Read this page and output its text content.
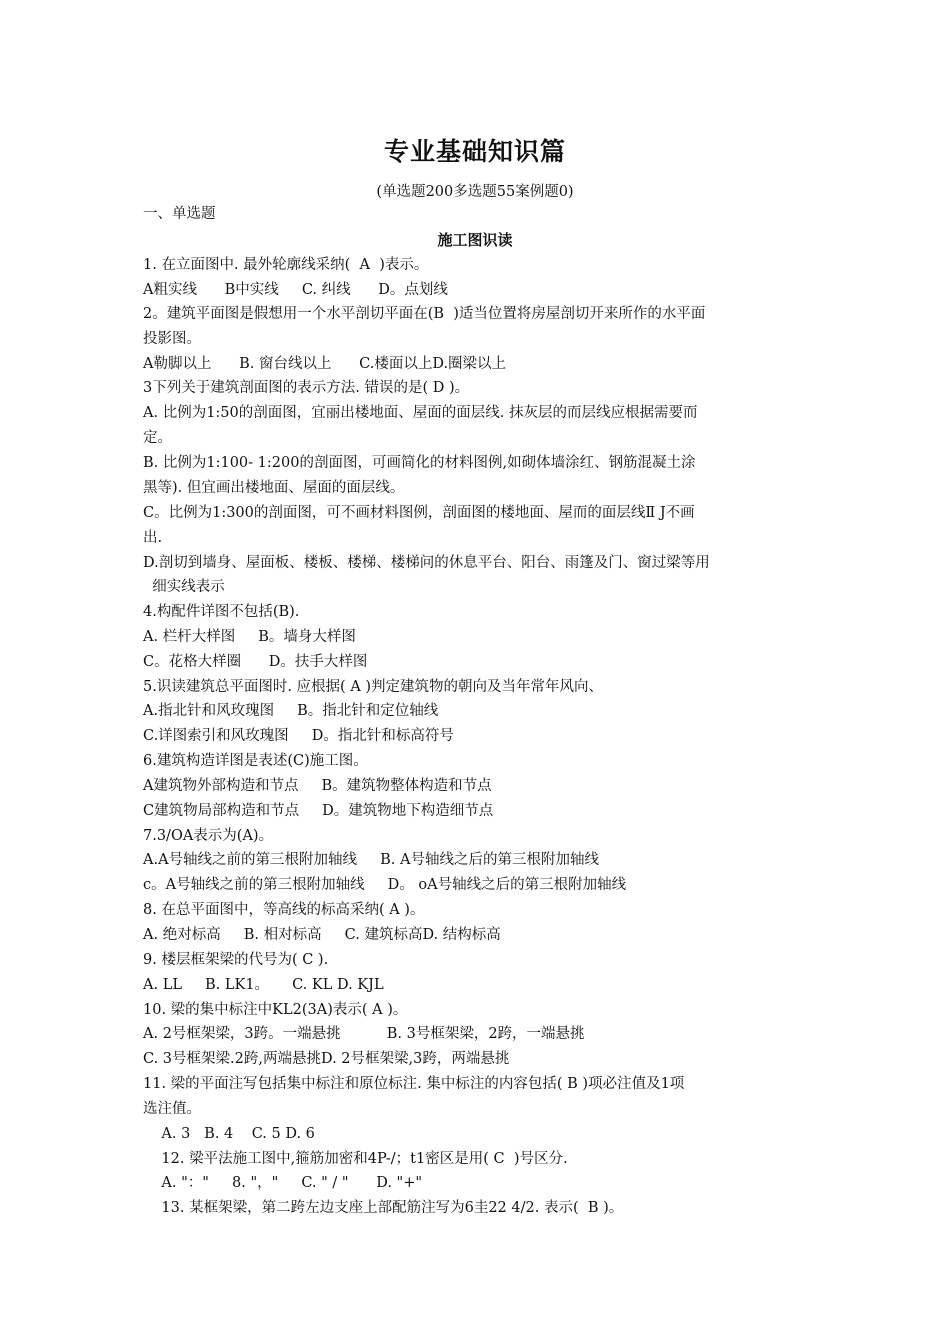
专业基础知识篇
(单选题200多选题55案例题0)
一、单选题
施工图识读
1. 在立面图中. 最外轮廓线采纳(  A  )表示。
A粗实线      B中实线     C. 纠线      D。点划线
2。建筑平面图是假想用一个水平剖切平面在(B  )适当位置将房屋剖切开来所作的水平面
投影图。
A勒脚以上      B. 窗台线以上      C.楼面以上D.圈梁以上
3下列关于建筑剖面图的表示方法. 错误的是( D )。
A. 比例为1:50的剖面图，宜丽出楼地面、屋面的面层线. 抹灰层的而层线应根据需要而
定。
B. 比例为1:100- 1:200的剖面图，可画简化的材料图例,如砌体墙涂红、钢筋混凝土涂
黑等). 但宜画出楼地面、屋面的面层线。
C。比例为1:300的剖面图，可不画材料图例，剖面图的楼地面、屋而的面层线Ⅱ J不画
出.
D.剖切到墙身、屋面板、楼板、楼梯、楼梯问的休息平台、阳台、雨篷及门、窗过梁等用
细实线表示
4.构配件详图不包括(B).
A. 栏杆大样图     B。墙身大样图
C。花格大样圈      D。扶手大样图
5.识读建筑总平面图时. 应根据( A )判定建筑物的朝向及当年常年风向、
A.指北针和风玫瑰图     B。指北针和定位轴线
C.详图索引和风玫瑰图     D。指北针和标高符号
6.建筑构造详图是表述(C)施工图。
A建筑物外部构造和节点     B。建筑物整体构造和节点
C建筑物局部构造和节点     D。建筑物地下构造细节点
7.3/OA表示为(A)。
A.A号轴线之前的第三根附加轴线     B. A号轴线之后的第三根附加轴线
c。A号轴线之前的第三根附加轴线     D。 oA号轴线之后的第三根附加轴线
8. 在总平面图中，等高线的标高采纳( A )。
A. 绝对标高     B. 相对标高     C. 建筑标高D. 结构标高
9. 楼层框架梁的代号为( C ).
A. LL     B. LK1。     C. KL D. KJL
10. 梁的集中标注中KL2(3A)表示( A )。
A. 2号框架梁，3跨。一端悬挑          B. 3号框架梁，2跨，一端悬挑
C. 3号框架梁.2跨,两端悬挑D. 2号框架梁,3跨，两端悬挑
11. 梁的平面注写包括集中标注和原位标注. 集中标注的内容包括( B )项必注值及1项
选注值。
A. 3   B. 4    C. 5 D. 6
12. 梁平法施工图中,箍筋加密和4P-/；t1密区是用( C  )号区分.
A. "："     8. "，"     C. " / "      D. "+"
13. 某框架梁，第二跨左边支座上部配筋注写为6圭22 4/2. 表示(  B )。
